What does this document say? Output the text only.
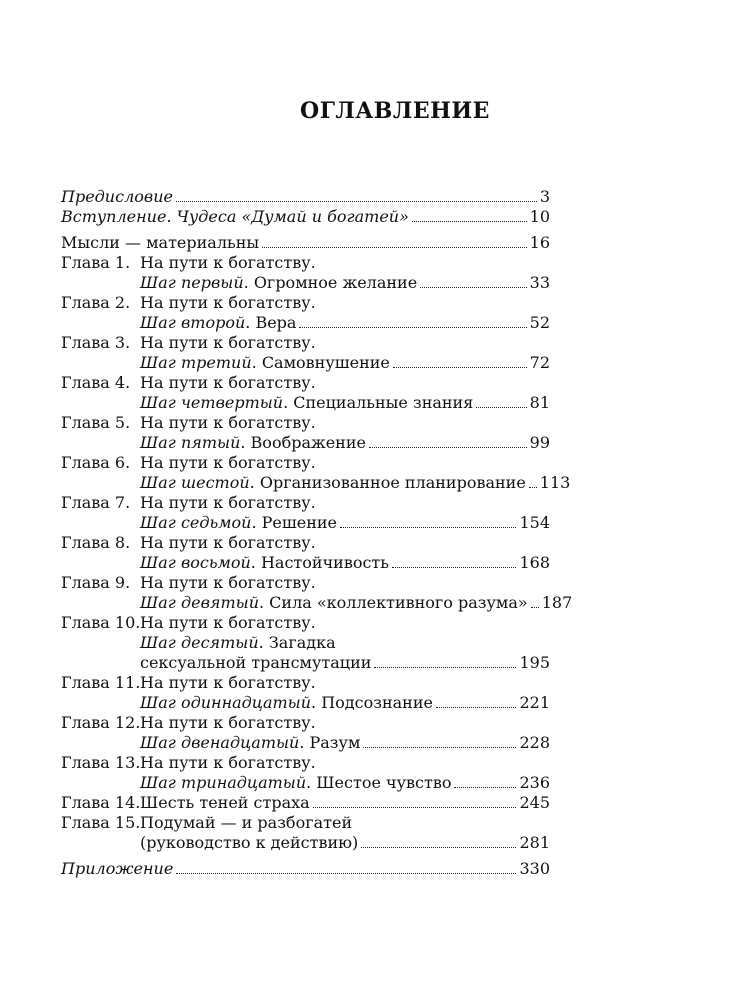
ОГЛАВЛЕНИЕ
Предисловие	3
Вступление. Чудеса «Думай и богатей»	10
Мысли — материальны	16
Глава 1. На пути к богатству.
Шаг первый. Огромное желание	33
Глава 2. На пути к богатству.
Шаг второй. Вера	52
Глава 3. На пути к богатству.
Шаг третий. Самовнушение	72
Глава 4. На пути к богатству.
Шаг четвертый. Специальные знания	81
Глава 5. На пути к богатству.
Шаг пятый. Воображение	99
Глава 6. На пути к богатству.
Шаг шестой. Организованное планирование 113
Глава 7. На пути к богатству.
Шаг седьмой. Решение	154
Глава 8. На пути к богатству.
Шаг восьмой. Настойчивость	168
Глава 9. На пути к богатству.
Шаг девятый. Сила «коллективного разума» 187
Глава 10. На пути к богатству.
Шаг десятый. Загадка
сексуальной трансмутации	195
Глава 11. На пути к богатству.
Шаг одиннадцатый. Подсознание	221
Глава 12. На пути к богатству.
Шаг двенадцатый. Разум	228
Глава 13. На пути к богатству.
Шаг тринадцатый. Шестое чувство	236
Глава 14. Шесть теней страха	245
Глава 15. Подумай — и разбогатей
(руководство к действию)	281
Приложение	330
